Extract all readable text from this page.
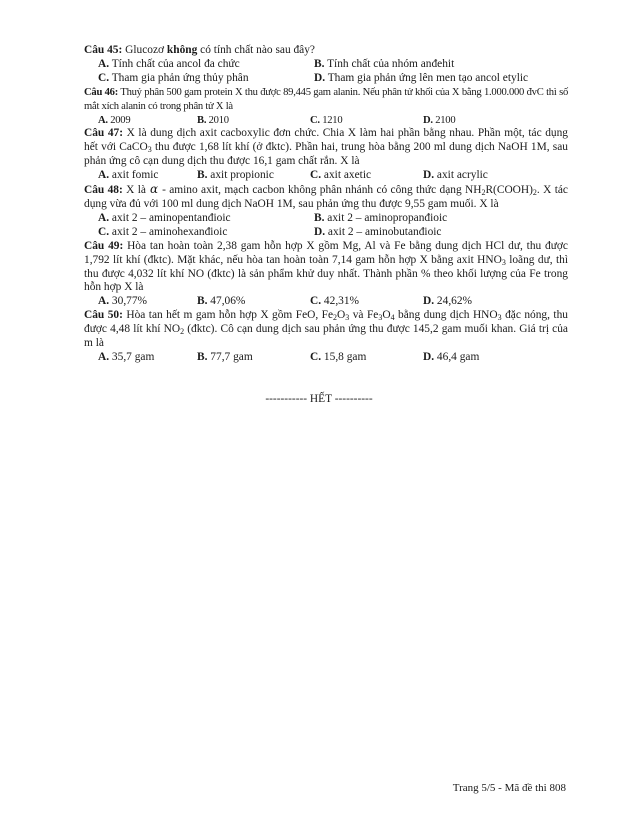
Câu 45: Glucozơ không có tính chất nào sau đây?
A. Tính chất của ancol đa chức	B. Tính chất của nhóm anđehit
C. Tham gia phản ứng thủy phân	D. Tham gia phản ứng lên men tạo ancol etylic
Câu 46: Thuỷ phân 500 gam protein X thu được 89,445 gam alanin. Nếu phân tử khối của X bằng 1.000.000 đvC thì số mắt xích alanin có trong phân tử X là
A. 2009	B. 2010	C. 1210	D. 2100
Câu 47: X là dung dịch axit cacboxylic đơn chức. Chia X làm hai phần bằng nhau. Phần một, tác dụng hết với CaCO$_3$ thu được 1,68 lít khí (ở đktc). Phần hai, trung hòa bằng 200 ml dung dịch NaOH 1M, sau phản ứng cô cạn dung dịch thu được 16,1 gam chất rắn. X là
A. axit fomic	B. axit propionic	C. axit axetic	D. axit acrylic
Câu 48: X là α - amino axit, mạch cacbon không phân nhánh có công thức dạng $NH_2R(COOH)_2$. X tác dụng vừa đủ với 100 ml dung dịch NaOH 1M, sau phản ứng thu được 9,55 gam muối. X là
A. axit 2 – aminopentanđioic	B. axit 2 – aminopropanđioic
C. axit 2 – aminohexanđioic	D. axit 2 – aminobutanđioic
Câu 49: Hòa tan hoàn toàn 2,38 gam hỗn hợp X gồm Mg, Al và Fe bằng dung dịch HCl dư, thu được 1,792 lít khí (đktc). Mặt khác, nếu hòa tan hoàn toàn 7,14 gam hỗn hợp X bằng axit $HNO_3$ loãng dư, thì thu được 4,032 lít khí NO (đktc) là sản phẩm khử duy nhất. Thành phần % theo khối lượng của Fe trong hỗn hợp X là
A. 30,77%	B. 47,06%	C. 42,31%	D. 24,62%
Câu 50: Hòa tan hết m gam hỗn hợp X gồm FeO, $Fe_2O_3$ và $Fe_3O_4$ bằng dung dịch $HNO_3$ đặc nóng, thu được 4,48 lít khí $NO_2$ (đktc). Cô cạn dung dịch sau phản ứng thu được 145,2 gam muối khan. Giá trị của m là
A. 35,7 gam	B. 77,7 gam	C. 15,8 gam	D. 46,4 gam
----------- HẾT ----------
Trang 5/5 - Mã đề thi 808
